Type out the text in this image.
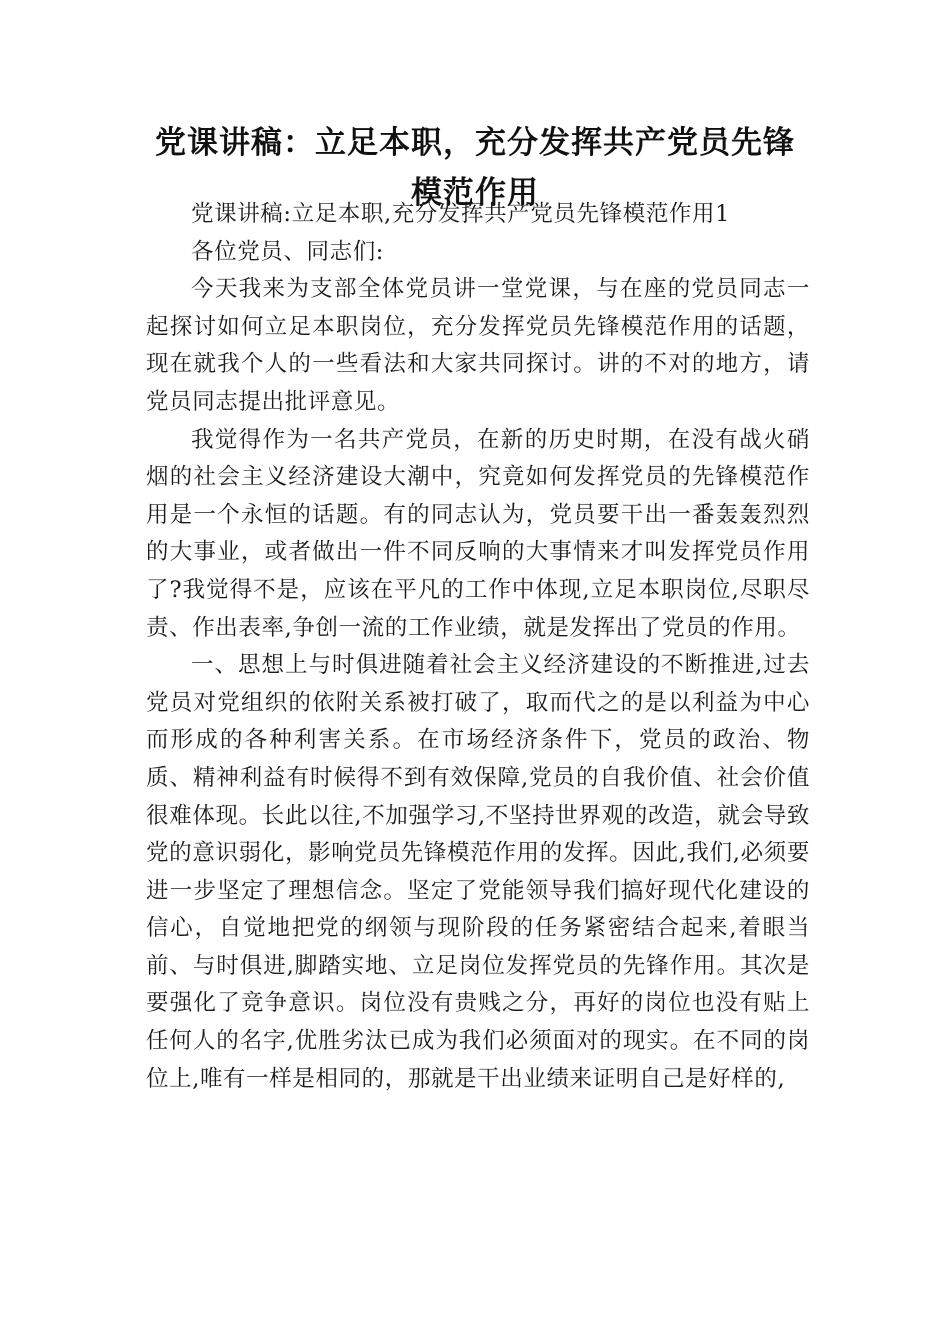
党课讲稿：立足本职，充分发挥共产党员先锋模范作用

党课讲稿:立足本职,充分发挥共产党员先锋模范作用1

各位党员、同志们:

今天我来为支部全体党员讲一堂党课，与在座的党员同志一起探讨如何立足本职岗位，充分发挥党员先锋模范作用的话题，现在就我个人的一些看法和大家共同探讨。讲的不对的地方，请党员同志提出批评意见。

我觉得作为一名共产党员，在新的历史时期，在没有战火硝烟的社会主义经济建设大潮中，究竟如何发挥党员的先锋模范作用是一个永恒的话题。有的同志认为，党员要干出一番轰轰烈烈的大事业，或者做出一件不同反响的大事情来才叫发挥党员作用了?我觉得不是，应该在平凡的工作中体现,立足本职岗位,尽职尽责、作出表率,争创一流的工作业绩，就是发挥出了党员的作用。

一、思想上与时俱进随着社会主义经济建设的不断推进,过去党员对党组织的依附关系被打破了，取而代之的是以利益为中心而形成的各种利害关系。在市场经济条件下，党员的政治、物质、精神利益有时候得不到有效保障,党员的自我价值、社会价值很难体现。长此以往,不加强学习,不坚持世界观的改造，就会导致党的意识弱化，影响党员先锋模范作用的发挥。因此,我们,必须要进一步坚定了理想信念。坚定了党能领导我们搞好现代化建设的信心，自觉地把党的纲领与现阶段的任务紧密结合起来,着眼当前、与时俱进,脚踏实地、立足岗位发挥党员的先锋作用。其次是要强化了竞争意识。岗位没有贵贱之分，再好的岗位也没有贴上任何人的名字,优胜劣汰已成为我们必须面对的现实。在不同的岗位上,唯有一样是相同的，那就是干出业绩来证明自己是好样的,
